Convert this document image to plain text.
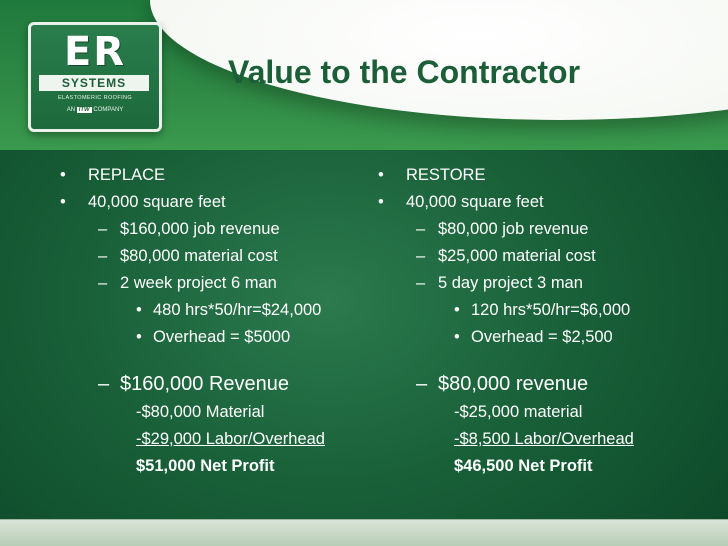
ER
SYSTEMS
ELASTOMERIC ROOFING
AN ITW COMPANY
Value to the Contractor
• REPLACE
• 40,000 square feet
– $160,000 job revenue
– $80,000 material cost
– 2 week project 6 man
• 480 hrs*50/hr=$24,000
• Overhead = $5000
– $160,000 Revenue
-$80,000 Material
-$29,000 Labor/Overhead
$51,000 Net Profit
• RESTORE
• 40,000 square feet
– $80,000 job revenue
– $25,000 material cost
– 5 day project 3 man
• 120 hrs*50/hr=$6,000
• Overhead = $2,500
– $80,000 revenue
-$25,000 material
-$8,500 Labor/Overhead
$46,500 Net Profit
